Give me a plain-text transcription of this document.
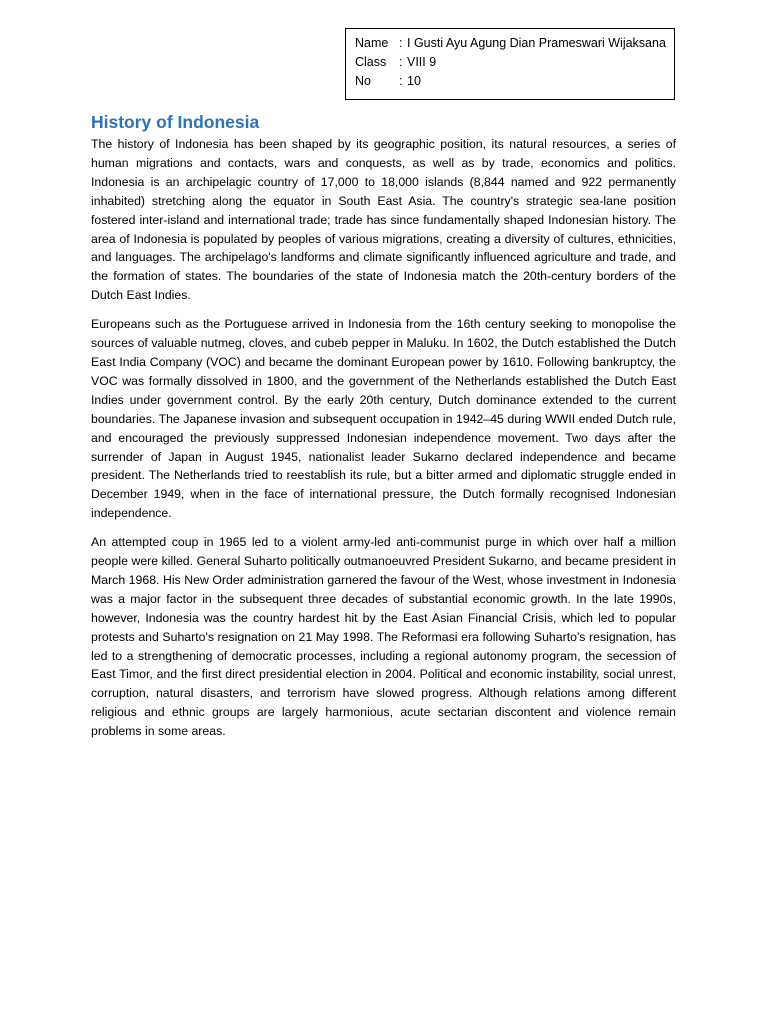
Name : I Gusti Ayu Agung Dian Prameswari Wijaksana
Class	: VIII 9
No	: 10
History of Indonesia

The history of Indonesia has been shaped by its geographic position, its natural resources, a series of human migrations and contacts, wars and conquests, as well as by trade, economics and politics. Indonesia is an archipelagic country of 17,000 to 18,000 islands (8,844 named and 922 permanently inhabited) stretching along the equator in South East Asia. The country's strategic sea-lane position fostered inter-island and international trade; trade has since fundamentally shaped Indonesian history. The area of Indonesia is populated by peoples of various migrations, creating a diversity of cultures, ethnicities, and languages. The archipelago's landforms and climate significantly influenced agriculture and trade, and the formation of states. The boundaries of the state of Indonesia match the 20th-century borders of the Dutch East Indies.

Europeans such as the Portuguese arrived in Indonesia from the 16th century seeking to monopolise the sources of valuable nutmeg, cloves, and cubeb pepper in Maluku. In 1602, the Dutch established the Dutch East India Company (VOC) and became the dominant European power by 1610. Following bankruptcy, the VOC was formally dissolved in 1800, and the government of the Netherlands established the Dutch East Indies under government control. By the early 20th century, Dutch dominance extended to the current boundaries. The Japanese invasion and subsequent occupation in 1942–45 during WWII ended Dutch rule, and encouraged the previously suppressed Indonesian independence movement. Two days after the surrender of Japan in August 1945, nationalist leader Sukarno declared independence and became president. The Netherlands tried to reestablish its rule, but a bitter armed and diplomatic struggle ended in December 1949, when in the face of international pressure, the Dutch formally recognised Indonesian independence.

An attempted coup in 1965 led to a violent army-led anti-communist purge in which over half a million people were killed. General Suharto politically outmanoeuvred President Sukarno, and became president in March 1968. His New Order administration garnered the favour of the West, whose investment in Indonesia was a major factor in the subsequent three decades of substantial economic growth. In the late 1990s, however, Indonesia was the country hardest hit by the East Asian Financial Crisis, which led to popular protests and Suharto's resignation on 21 May 1998. The Reformasi era following Suharto's resignation, has led to a strengthening of democratic processes, including a regional autonomy program, the secession of East Timor, and the first direct presidential election in 2004. Political and economic instability, social unrest, corruption, natural disasters, and terrorism have slowed progress. Although relations among different religious and ethnic groups are largely harmonious, acute sectarian discontent and violence remain problems in some areas.
